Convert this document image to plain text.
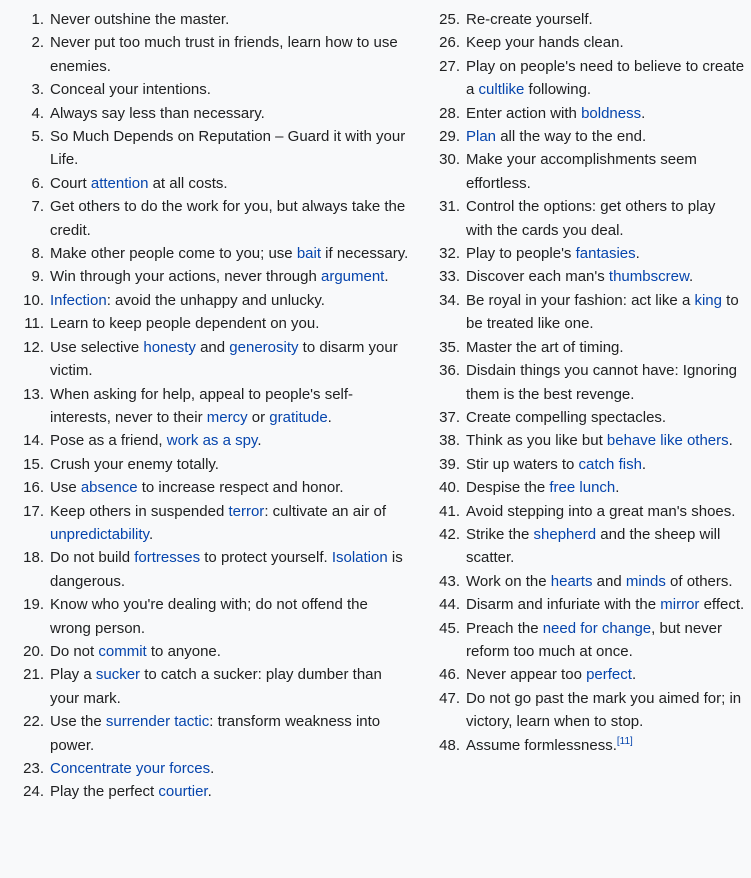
1. Never outshine the master.
2. Never put too much trust in friends, learn how to use enemies.
3. Conceal your intentions.
4. Always say less than necessary.
5. So Much Depends on Reputation – Guard it with your Life.
6. Court attention at all costs.
7. Get others to do the work for you, but always take the credit.
8. Make other people come to you; use bait if necessary.
9. Win through your actions, never through argument.
10. Infection: avoid the unhappy and unlucky.
11. Learn to keep people dependent on you.
12. Use selective honesty and generosity to disarm your victim.
13. When asking for help, appeal to people's self-interests, never to their mercy or gratitude.
14. Pose as a friend, work as a spy.
15. Crush your enemy totally.
16. Use absence to increase respect and honor.
17. Keep others in suspended terror: cultivate an air of unpredictability.
18. Do not build fortresses to protect yourself. Isolation is dangerous.
19. Know who you're dealing with; do not offend the wrong person.
20. Do not commit to anyone.
21. Play a sucker to catch a sucker: play dumber than your mark.
22. Use the surrender tactic: transform weakness into power.
23. Concentrate your forces.
24. Play the perfect courtier.
25. Re-create yourself.
26. Keep your hands clean.
27. Play on people's need to believe to create a cultlike following.
28. Enter action with boldness.
29. Plan all the way to the end.
30. Make your accomplishments seem effortless.
31. Control the options: get others to play with the cards you deal.
32. Play to people's fantasies.
33. Discover each man's thumbscrew.
34. Be royal in your fashion: act like a king to be treated like one.
35. Master the art of timing.
36. Disdain things you cannot have: Ignoring them is the best revenge.
37. Create compelling spectacles.
38. Think as you like but behave like others.
39. Stir up waters to catch fish.
40. Despise the free lunch.
41. Avoid stepping into a great man's shoes.
42. Strike the shepherd and the sheep will scatter.
43. Work on the hearts and minds of others.
44. Disarm and infuriate with the mirror effect.
45. Preach the need for change, but never reform too much at once.
46. Never appear too perfect.
47. Do not go past the mark you aimed for; in victory, learn when to stop.
48. Assume formlessness.[11]
